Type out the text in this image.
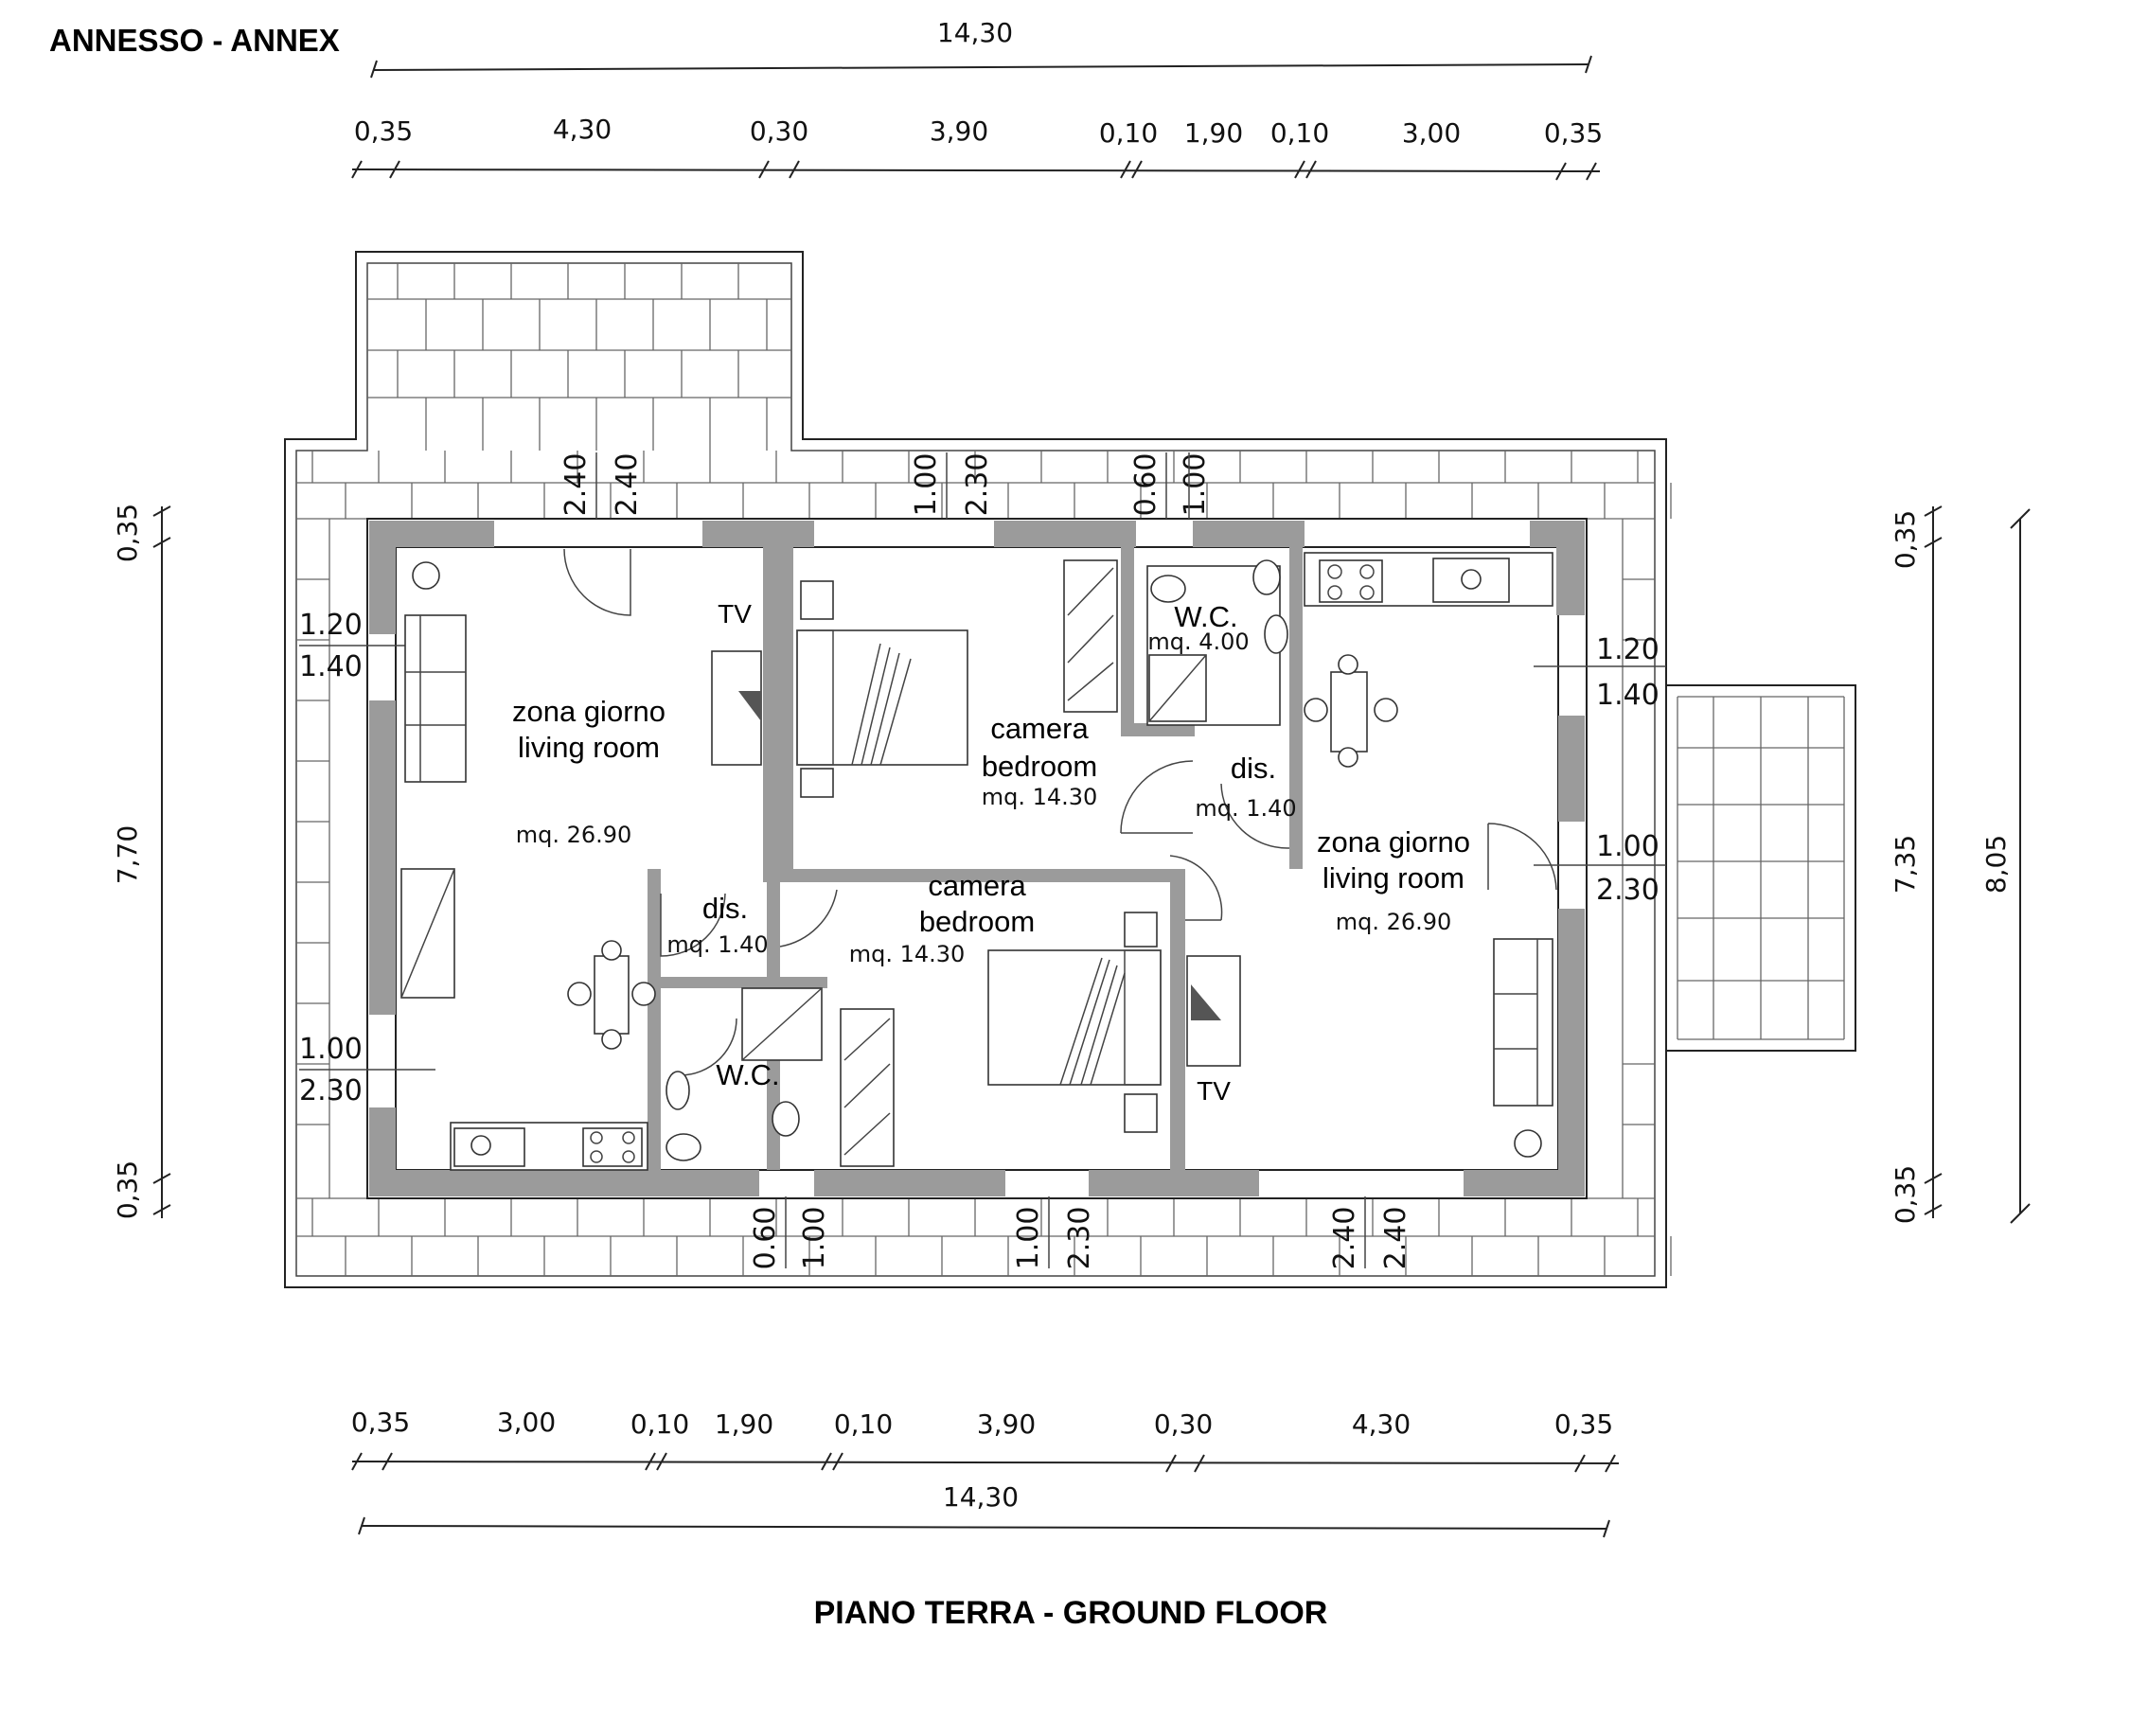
ANNESSO - ANNEX
PIANO TERRA - GROUND FLOOR
14,30
0,35	4,30	0,30	3,90	0,10 1,90 0,10	3,00	0,35
0,35	3,00	0,10 1,90 0,10	3,90	0,30	4,30	0,35
14,30
0,35
7,70
0,35
0,35
7,35
0,35
8,05
2.40 2.40	1.00 2.30	0.60 1.00
0.60 1.00	1.00 2.30	2.40 2.40
1.20
1.40
1.00
2.30
1.20
1.40
1.00
2.30
zona giorno
living room
mq. 26.90
camera
bedroom
mq. 14.30
W.C.
mq. 4.00
dis.
mq. 1.40
zona giorno
living room
mq. 26.90
dis.
mq. 1.40
camera
bedroom
mq. 14.30
W.C.
TV
TV
